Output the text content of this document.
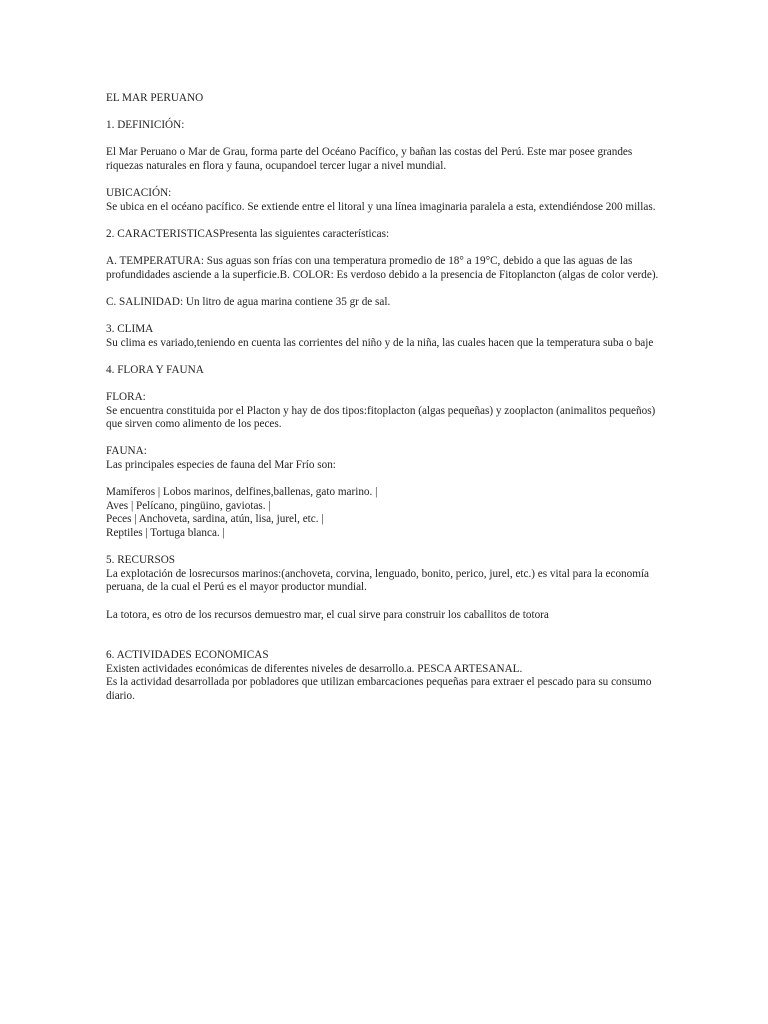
EL MAR PERUANO

1. DEFINICIÓN:

El Mar Peruano o Mar de Grau, forma parte del Océano Pacífico, y bañan las costas del Perú. Este mar posee grandes riquezas naturales en flora y fauna, ocupandoel tercer lugar a nivel mundial.

UBICACIÓN:
Se ubica en el océano pacífico. Se extiende entre el litoral y una línea imaginaria paralela a esta, extendiéndose 200 millas.

2. CARACTERISTICASPresenta las siguientes características:

A. TEMPERATURA: Sus aguas son frías con una temperatura promedio de 18° a 19°C, debido a que las aguas de las profundidades asciende a la superficie.B. COLOR: Es verdoso debido a la presencia de Fitoplancton (algas de color verde).

C. SALINIDAD: Un litro de agua marina contiene 35 gr de sal.

3. CLIMA
Su clima es variado,teniendo en cuenta las corrientes del niño y de la niña, las cuales hacen que la temperatura suba o baje

4. FLORA Y FAUNA

FLORA:
Se encuentra constituida por el Placton y hay de dos tipos:fitoplacton (algas pequeñas) y zooplacton (animalitos pequeños) que sirven como alimento de los peces.

FAUNA:
Las principales especies de fauna del Mar Frío son:

Mamíferos | Lobos marinos, delfines,ballenas, gato marino. |
Aves | Pelícano, pingüino, gaviotas. |
Peces | Anchoveta, sardina, atún, lisa, jurel, etc. |
Reptiles | Tortuga blanca. |

5. RECURSOS
La explotación de losrecursos marinos:(anchoveta, corvina, lenguado, bonito, perico, jurel, etc.) es vital para la economía peruana, de la cual el Perú es el mayor productor mundial.

La totora, es otro de los recursos demuestro mar, el cual sirve para construir los caballitos de totora

6. ACTIVIDADES ECONOMICAS
Existen actividades económicas de diferentes niveles de desarrollo.a. PESCA ARTESANAL.
Es la actividad desarrollada por pobladores que utilizan embarcaciones pequeñas para extraer el pescado para su consumo diario.
